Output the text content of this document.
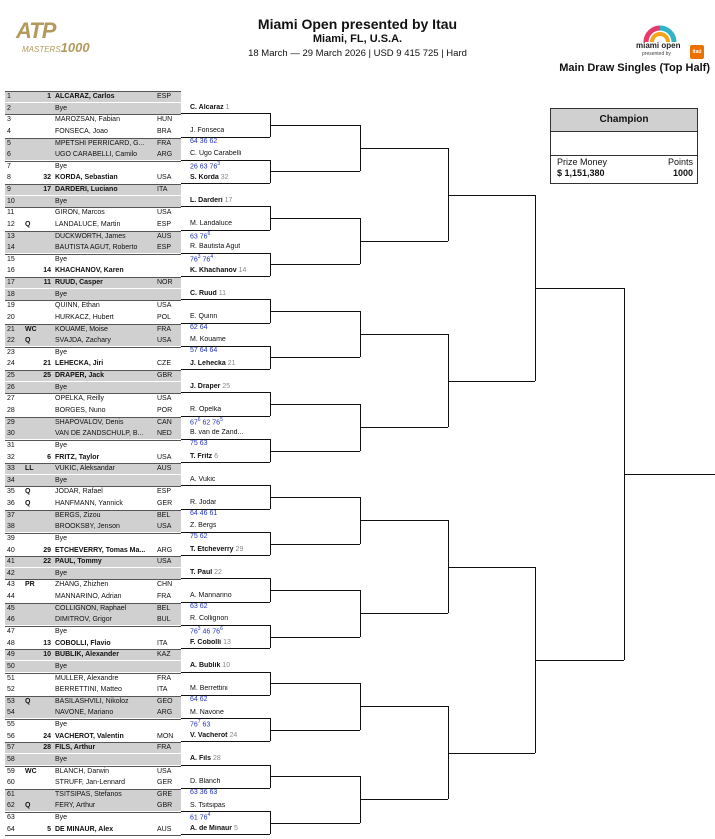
ATP
MASTERS1000
Miami Open presented by Itau
Miami, FL, U.S.A.
18 March — 29 March 2026 | USD 9 415 725 | Hard
miami open
presented by	itaú
Main Draw Singles (Top Half)
1	1 ALCARAZ, Carlos	ESP
2	Bye
3	MAROZSAN, Fabian	HUN
4	FONSECA, Joao	BRA
5	MPETSHI PERRICARD, G...	FRA
6	UGO CARABELLI, Camilo	ARG
7	Bye
8	32 KORDA, Sebastian	USA
9	17 DARDERI, Luciano	ITA
10	Bye
11	GIRON, Marcos	USA
12	Q	LANDALUCE, Martin	ESP
13	DUCKWORTH, James	AUS
14	BAUTISTA AGUT, Roberto	ESP
15	Bye
16	14 KHACHANOV, Karen
17	11 RUUD, Casper	NOR
18	Bye
19	QUINN, Ethan	USA
20	HURKACZ, Hubert	POL
21	WC	KOUAME, Moise	FRA
22	Q	SVAJDA, Zachary	USA
23	Bye
24	21 LEHECKA, Jiri	CZE
25	25 DRAPER, Jack	GBR
26	Bye
27	OPELKA, Reilly	USA
28	BORGES, Nuno	POR
29	SHAPOVALOV, Denis	CAN
30	VAN DE ZANDSCHULP, B...	NED
31	Bye
32	6 FRITZ, Taylor	USA
33	LL	VUKIC, Aleksandar	AUS
34	Bye
35	Q	JODAR, Rafael	ESP
36	Q	HANFMANN, Yannick	GER
37	BERGS, Zizou	BEL
38	BROOKSBY, Jenson	USA
39	Bye
40	29 ETCHEVERRY, Tomas Ma...	ARG
41	22 PAUL, Tommy	USA
42	Bye
43	PR	ZHANG, Zhizhen	CHN
44	MANNARINO, Adrian	FRA
45	COLLIGNON, Raphael	BEL
46	DIMITROV, Grigor	BUL
47	Bye
48	13 COBOLLI, Flavio	ITA
49	10 BUBLIK, Alexander	KAZ
50	Bye
51	MULLER, Alexandre	FRA
52	BERRETTINI, Matteo	ITA
53	Q	BASILASHVILI, Nikoloz	GEO
54	NAVONE, Mariano	ARG
55	Bye
56	24 VACHEROT, Valentin	MON
57	28 FILS, Arthur	FRA
58	Bye
59	WC	BLANCH, Darwin	USA
60	STRUFF, Jan-Lennard	GER
61	TSITSIPAS, Stefanos	GRE
62	Q	FERY, Arthur	GBR
63	Bye
64	5 DE MINAUR, Alex	AUS
C. Alcaraz 1
J. Fonseca
64 36 62
C. Ugo Carabelli
26 63 $76^3$
S. Korda 32
L. Darderi 17
M. Landaluce
63 $76^6$
R. Bautista Agut
$76^3$ $76^4$
K. Khachanov 14
C. Ruud 11
E. Quinn
62 64
M. Kouame
57 64 64
J. Lehecka 21
J. Draper 25
R. Opelka
$67^6$ 62 $76^5$
B. van de Zand...
75 63
T. Fritz 6
A. Vukic
R. Jodar
64 46 61
Z. Bergs
75 62
T. Etcheverry 29
T. Paul 22
A. Mannarino
63 62
R. Collignon
$76^3$ 46 $76^6$
F. Cobolli 13
A. Bublik 10
M. Berrettini
64 62
M. Navone
$76^7$ 63
V. Vacherot 24
A. Fils 28
D. Blanch
63 36 63
S. Tsitsipas
61 $76^4$
A. de Minaur 5
Champion
Prize Money
$ 1,151,380
Points
1000
